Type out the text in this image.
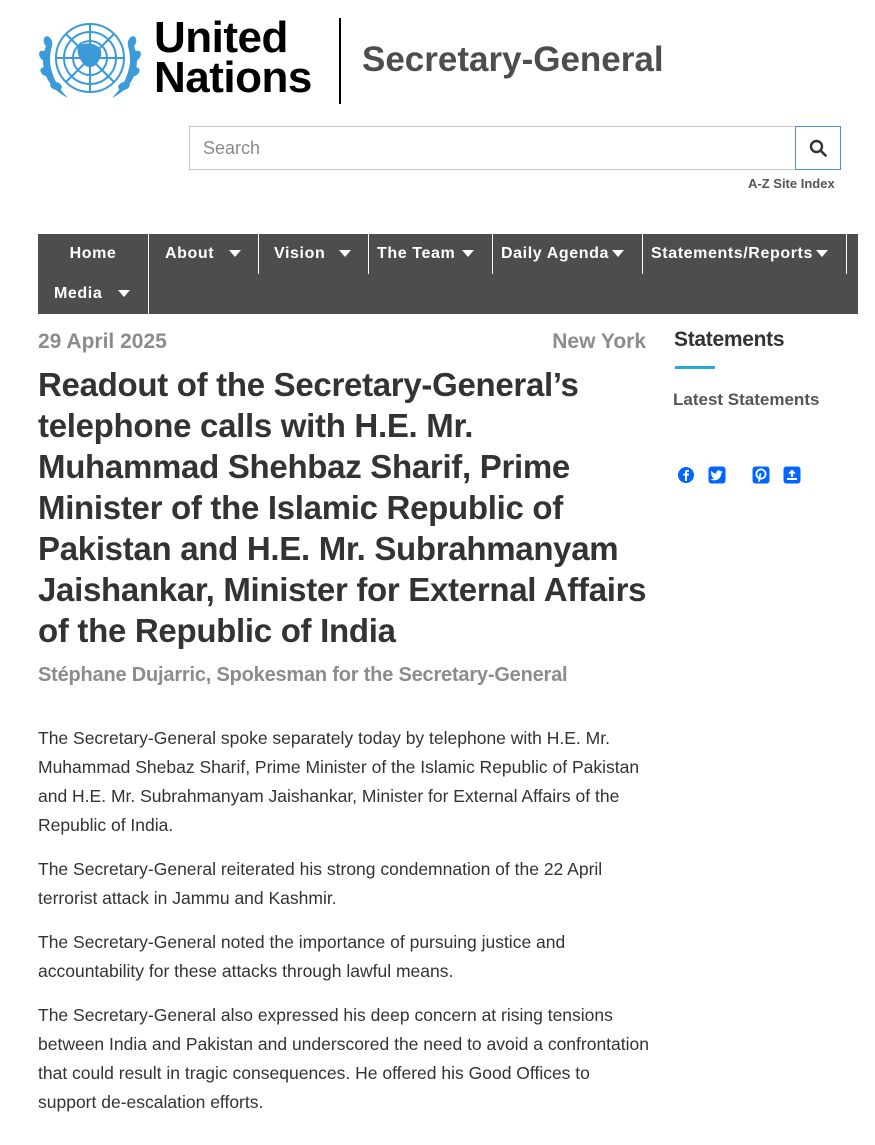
United
Nations Secretary-General
Search
A-Z Site Index
Home	About	Vision	The Team	Daily Agenda	Statements/Reports
Media
29 April 2025	New York
Readout of the Secretary-General’s telephone calls with H.E. Mr. Muhammad Shehbaz Sharif, Prime Minister of the Islamic Republic of Pakistan and H.E. Mr. Subrahmanyam Jaishankar, Minister for External Affairs of the Republic of India
Stéphane Dujarric, Spokesman for the Secretary-General

The Secretary-General spoke separately today by telephone with H.E. Mr. Muhammad Shebaz Sharif, Prime Minister of the Islamic Republic of Pakistan and H.E. Mr. Subrahmanyam Jaishankar, Minister for External Affairs of the Republic of India.

The Secretary-General reiterated his strong condemnation of the 22 April terrorist attack in Jammu and Kashmir.

The Secretary-General noted the importance of pursuing justice and accountability for these attacks through lawful means.

The Secretary-General also expressed his deep concern at rising tensions between India and Pakistan and underscored the need to avoid a confrontation that could result in tragic consequences. He offered his Good Offices to support de-escalation efforts.

Statements
Latest Statements
